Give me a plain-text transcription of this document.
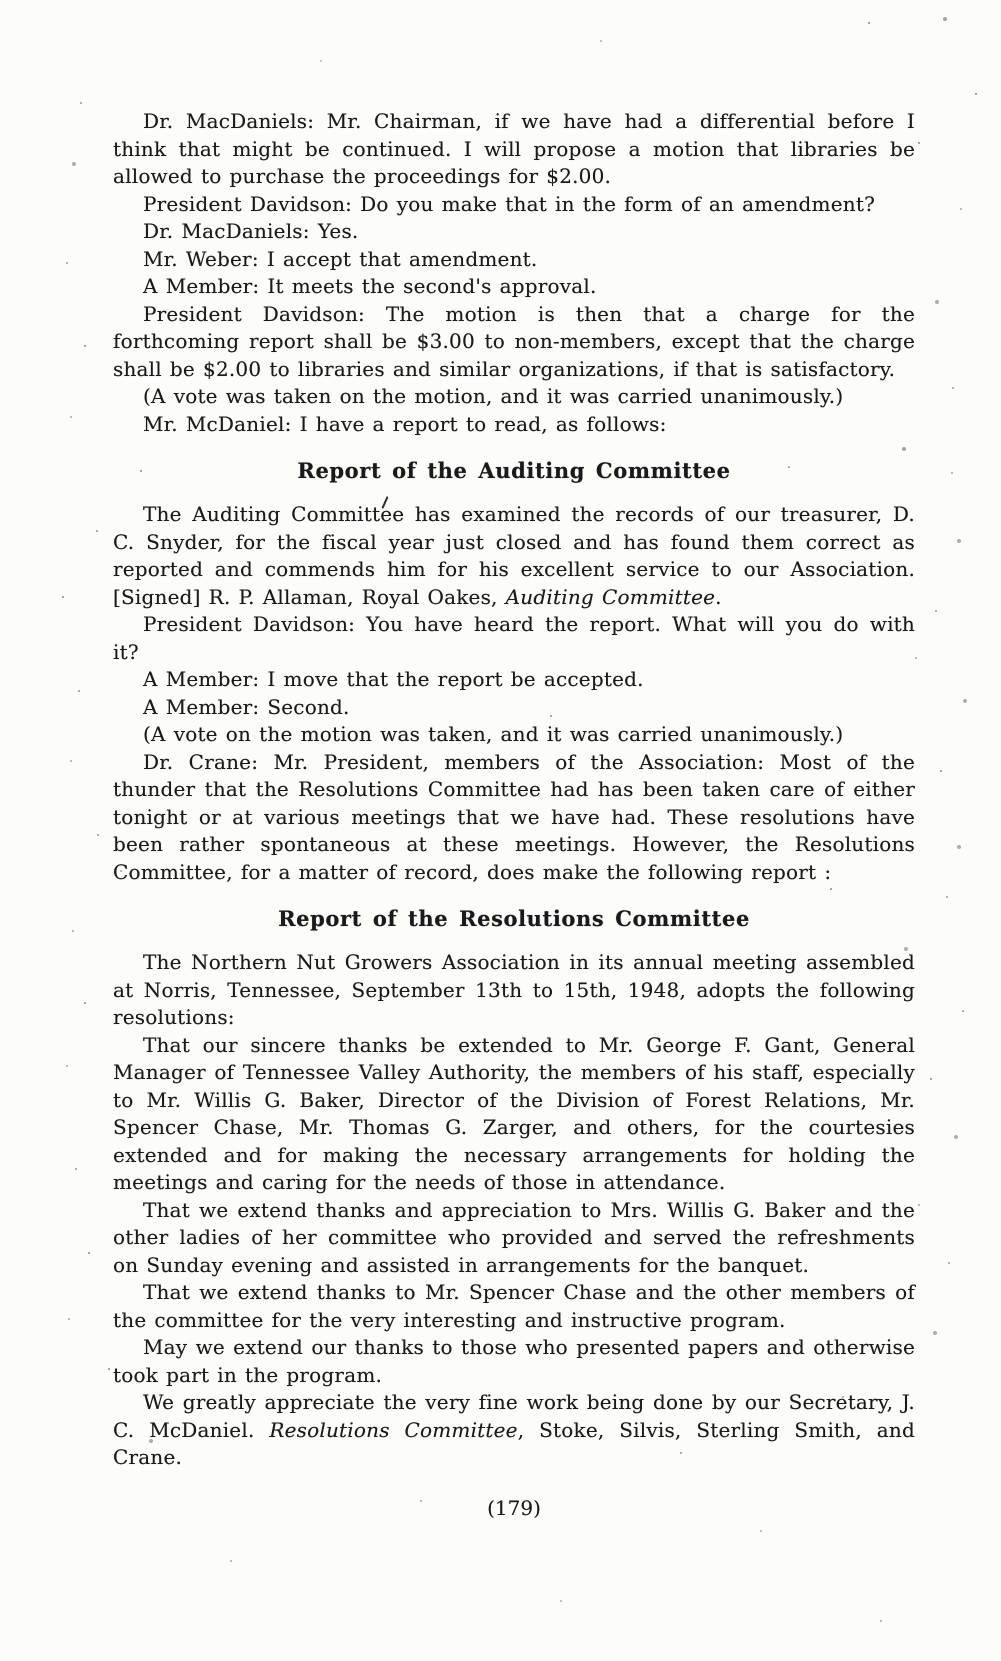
Dr. MacDaniels: Mr. Chairman, if we have had a differential before I think that might be continued. I will propose a motion that libraries be allowed to purchase the proceedings for $2.00.

President Davidson: Do you make that in the form of an amendment?

Dr. MacDaniels: Yes.

Mr. Weber: I accept that amendment.

A Member: It meets the second's approval.

President Davidson: The motion is then that a charge for the forthcoming report shall be $3.00 to non-members, except that the charge shall be $2.00 to libraries and similar organizations, if that is satisfactory.

(A vote was taken on the motion, and it was carried unanimously.)

Mr. McDaniel: I have a report to read, as follows:

Report of the Auditing Committee

The Auditing Committee has examined the records of our treasurer, D. C. Snyder, for the fiscal year just closed and has found them correct as reported and commends him for his excellent service to our Association. [Signed] R. P. Allaman, Royal Oakes, Auditing Committee.

President Davidson: You have heard the report. What will you do with it?

A Member: I move that the report be accepted.

A Member: Second.

(A vote on the motion was taken, and it was carried unanimously.)

Dr. Crane: Mr. President, members of the Association: Most of the thunder that the Resolutions Committee had has been taken care of either tonight or at various meetings that we have had. These resolutions have been rather spontaneous at these meetings. However, the Resolutions Committee, for a matter of record, does make the following report :

Report of the Resolutions Committee

The Northern Nut Growers Association in its annual meeting assembled at Norris, Tennessee, September 13th to 15th, 1948, adopts the following resolutions:

That our sincere thanks be extended to Mr. George F. Gant, General Manager of Tennessee Valley Authority, the members of his staff, especially to Mr. Willis G. Baker, Director of the Division of Forest Relations, Mr. Spencer Chase, Mr. Thomas G. Zarger, and others, for the courtesies extended and for making the necessary arrangements for holding the meetings and caring for the needs of those in attendance.

That we extend thanks and appreciation to Mrs. Willis G. Baker and the other ladies of her committee who provided and served the refreshments on Sunday evening and assisted in arrangements for the banquet.

That we extend thanks to Mr. Spencer Chase and the other members of the committee for the very interesting and instructive program.

May we extend our thanks to those who presented papers and otherwise took part in the program.

We greatly appreciate the very fine work being done by our Secretary, J. C. McDaniel. Resolutions Committee, Stoke, Silvis, Sterling Smith, and Crane.

(179)
